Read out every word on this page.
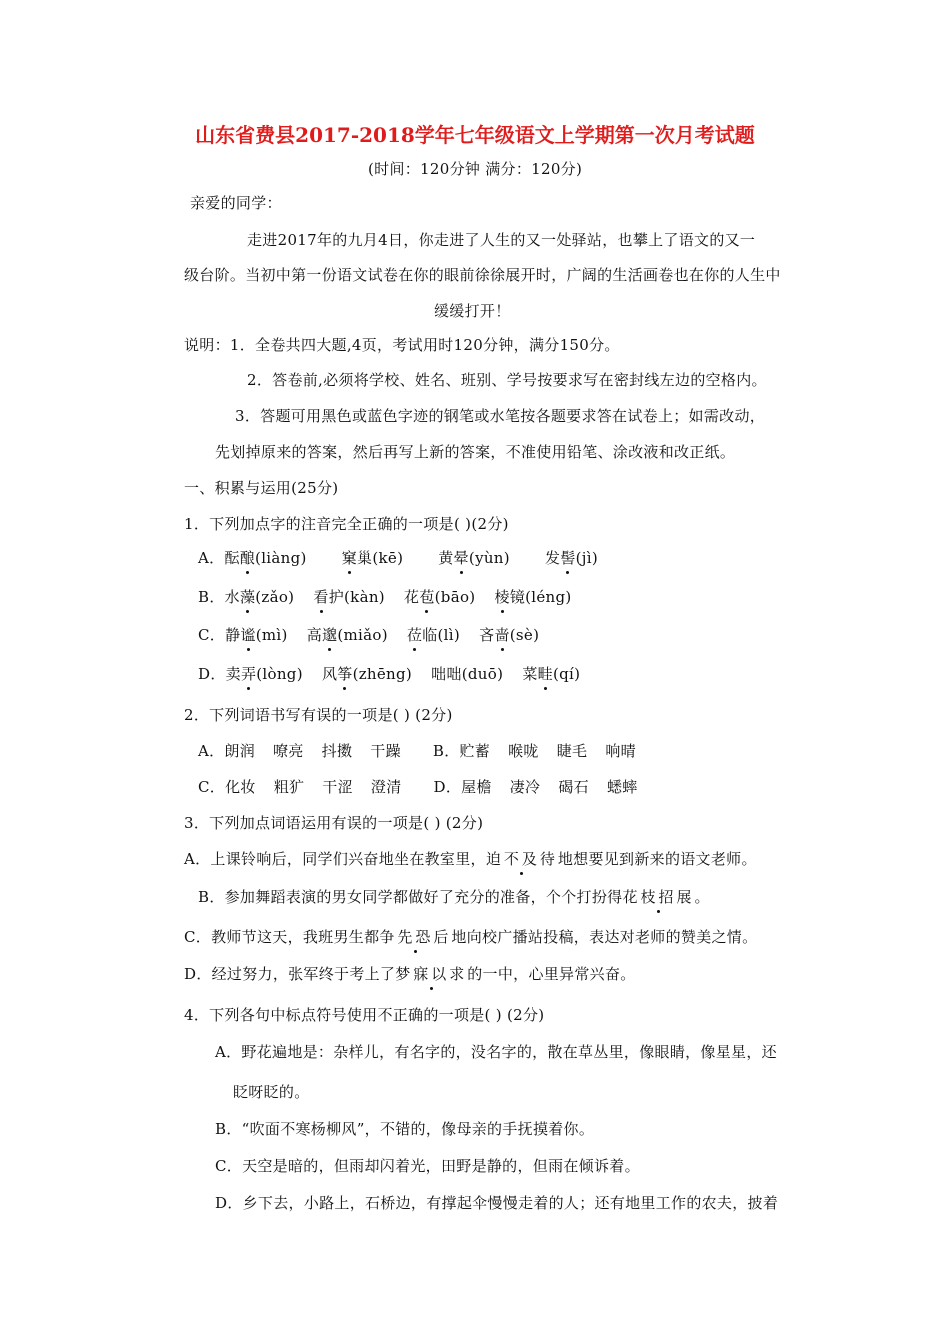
山东省费县2017-2018学年七年级语文上学期第一次月考试题
(时间：120分钟 满分：120分)
亲爱的同学：
走进2017年的九月4日，你走进了人生的又一处驿站，也攀上了语文的又一
级台阶。当初中第一份语文试卷在你的眼前徐徐展开时，广阔的生活画卷也在你的人生中
缓缓打开！
说明：1．全卷共四大题,4页，考试用时120分钟，满分150分。
2．答卷前,必须将学校、姓名、班别、学号按要求写在密封线左边的空格内。
3．答题可用黑色或蓝色字迹的钢笔或水笔按各题要求答在试卷上；如需改动，
先划掉原来的答案，然后再写上新的答案，不准使用铅笔、涂改液和改正纸。
一、积累与运用(25分)
1．下列加点字的注音完全正确的一项是( )(2分)
A．酝酿(liàng) 窠巢(kē) 黄晕(yùn) 发髻(jì)
B．水藻(zǎo) 看护(kàn) 花苞(bāo) 棱镜(léng)
C．静谧(mì) 高邈(miǎo) 莅临(lì) 吝啬(sè)
D．卖弄(lòng) 风筝(zhēng) 咄咄(duō) 菜畦(qí)
2．下列词语书写有误的一项是( ) (2分)
A．朗润 嘹亮 抖擞 干躁 B．贮蓄 喉咙 睫毛 响晴
C．化妆 粗犷 干涩 澄清 D．屋檐 凄冷 碣石 蟋蟀
3．下列加点词语运用有误的一项是( ) (2分)
A．上课铃响后，同学们兴奋地坐在教室里，迫不及待地想要见到新来的语文老师。
B．参加舞蹈表演的男女同学都做好了充分的准备，个个打扮得花枝招展。
C．教师节这天，我班男生都争先恐后地向校广播站投稿，表达对老师的赞美之情。
D．经过努力，张军终于考上了梦寐以求的一中，心里异常兴奋。
4．下列各句中标点符号使用不正确的一项是( ) (2分)
A．野花遍地是：杂样儿，有名字的，没名字的，散在草丛里，像眼睛，像星星，还
眨呀眨的。
B．“吹面不寒杨柳风”，不错的，像母亲的手抚摸着你。
C．天空是暗的，但雨却闪着光，田野是静的，但雨在倾诉着。
D．乡下去，小路上，石桥边，有撑起伞慢慢走着的人；还有地里工作的农夫，披着
